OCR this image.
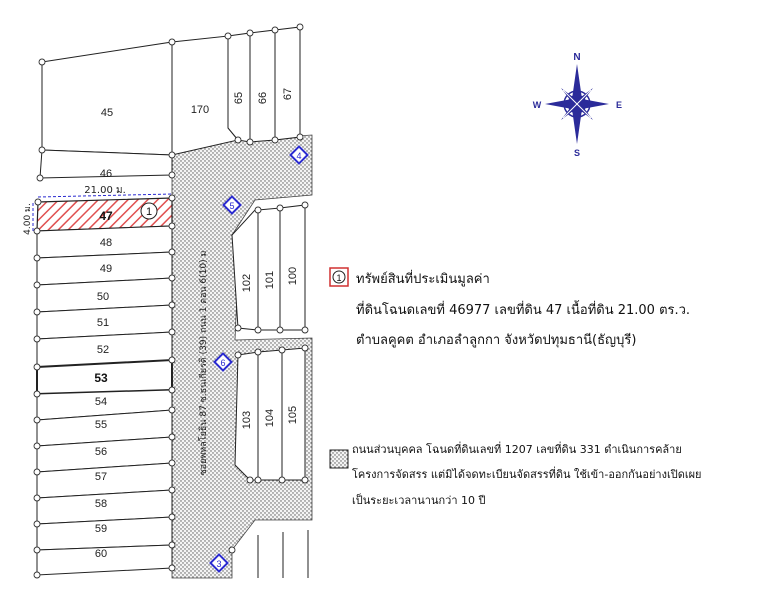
45	170
65 66 67
46
47
48
49
50
51
52
53
54
55
56
57
58
59
60
102 101 100
103 104 105
ซอยพหลโยธิน 87 ซ.ธนเกียรติ (39) ถนน 1 ตอน 6(10) ม
21.00 ม.
4.00 ม.	1
4
5
6
3
N
S
E
W
1 ทรัพย์สินที่ประเมินมูลค่า
ที่ดินโฉนดเลขที่ 46977 เลขที่ดิน 47 เนื้อที่ดิน 21.00 ตร.ว.
ตำบลคูคต อำเภอลำลูกกา จังหวัดปทุมธานี(ธัญบุรี)
ถนนส่วนบุคคล โฉนดที่ดินเลขที่ 1207 เลขที่ดิน 331 ดำเนินการคล้าย
โครงการจัดสรร แต่มิได้จดทะเบียนจัดสรรที่ดิน ใช้เข้า-ออกกันอย่างเปิดเผย
เป็นระยะเวลานานกว่า 10 ปี
